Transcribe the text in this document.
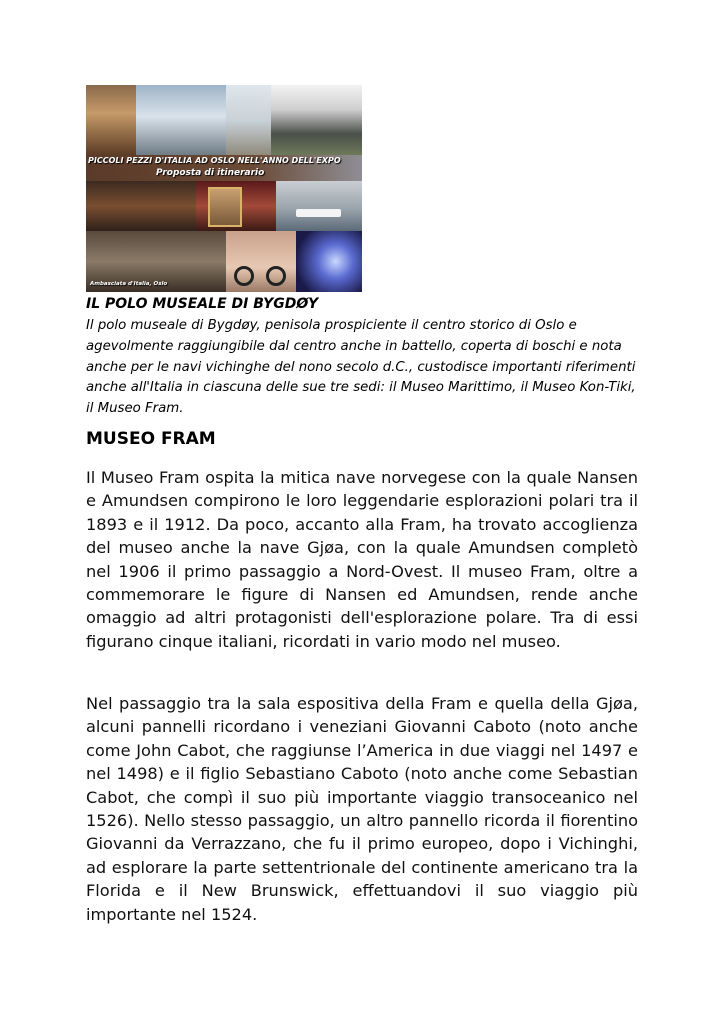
PICCOLI PEZZI D'ITALIA AD OSLO NELL'ANNO DELL'EXPO
Proposta di itinerario
Ambasciata d'Italia, Oslo
IL POLO MUSEALE DI BYGDØY
Il polo museale di Bygdøy, penisola prospiciente il centro storico di Oslo e agevolmente raggiungibile dal centro anche in battello, coperta di boschi e nota anche per le navi vichinghe del nono secolo d.C., custodisce importanti riferimenti anche all'Italia in ciascuna delle sue tre sedi: il Museo Marittimo, il Museo Kon-Tiki, il Museo Fram.
MUSEO FRAM

Il Museo Fram ospita la mitica nave norvegese con la quale Nansen e Amundsen compirono le loro leggendarie esplorazioni polari tra il 1893 e il 1912. Da poco, accanto alla Fram, ha trovato accoglienza del museo anche la nave Gjøa, con la quale Amundsen completò nel 1906 il primo passaggio a Nord-Ovest. Il museo Fram, oltre a commemorare le figure di Nansen ed Amundsen, rende anche omaggio ad altri protagonisti dell'esplorazione polare. Tra di essi figurano cinque italiani, ricordati in vario modo nel museo.

Nel passaggio tra la sala espositiva della Fram e quella della Gjøa, alcuni pannelli ricordano i veneziani Giovanni Caboto (noto anche come John Cabot, che raggiunse l’America in due viaggi nel 1497 e nel 1498) e il figlio Sebastiano Caboto (noto anche come Sebastian Cabot, che compì il suo più importante viaggio transoceanico nel 1526). Nello stesso passaggio, un altro pannello ricorda il fiorentino Giovanni da Verrazzano, che fu il primo europeo, dopo i Vichinghi, ad esplorare la parte settentrionale del continente americano tra la Florida e il New Brunswick, effettuandovi il suo viaggio più importante nel 1524.
